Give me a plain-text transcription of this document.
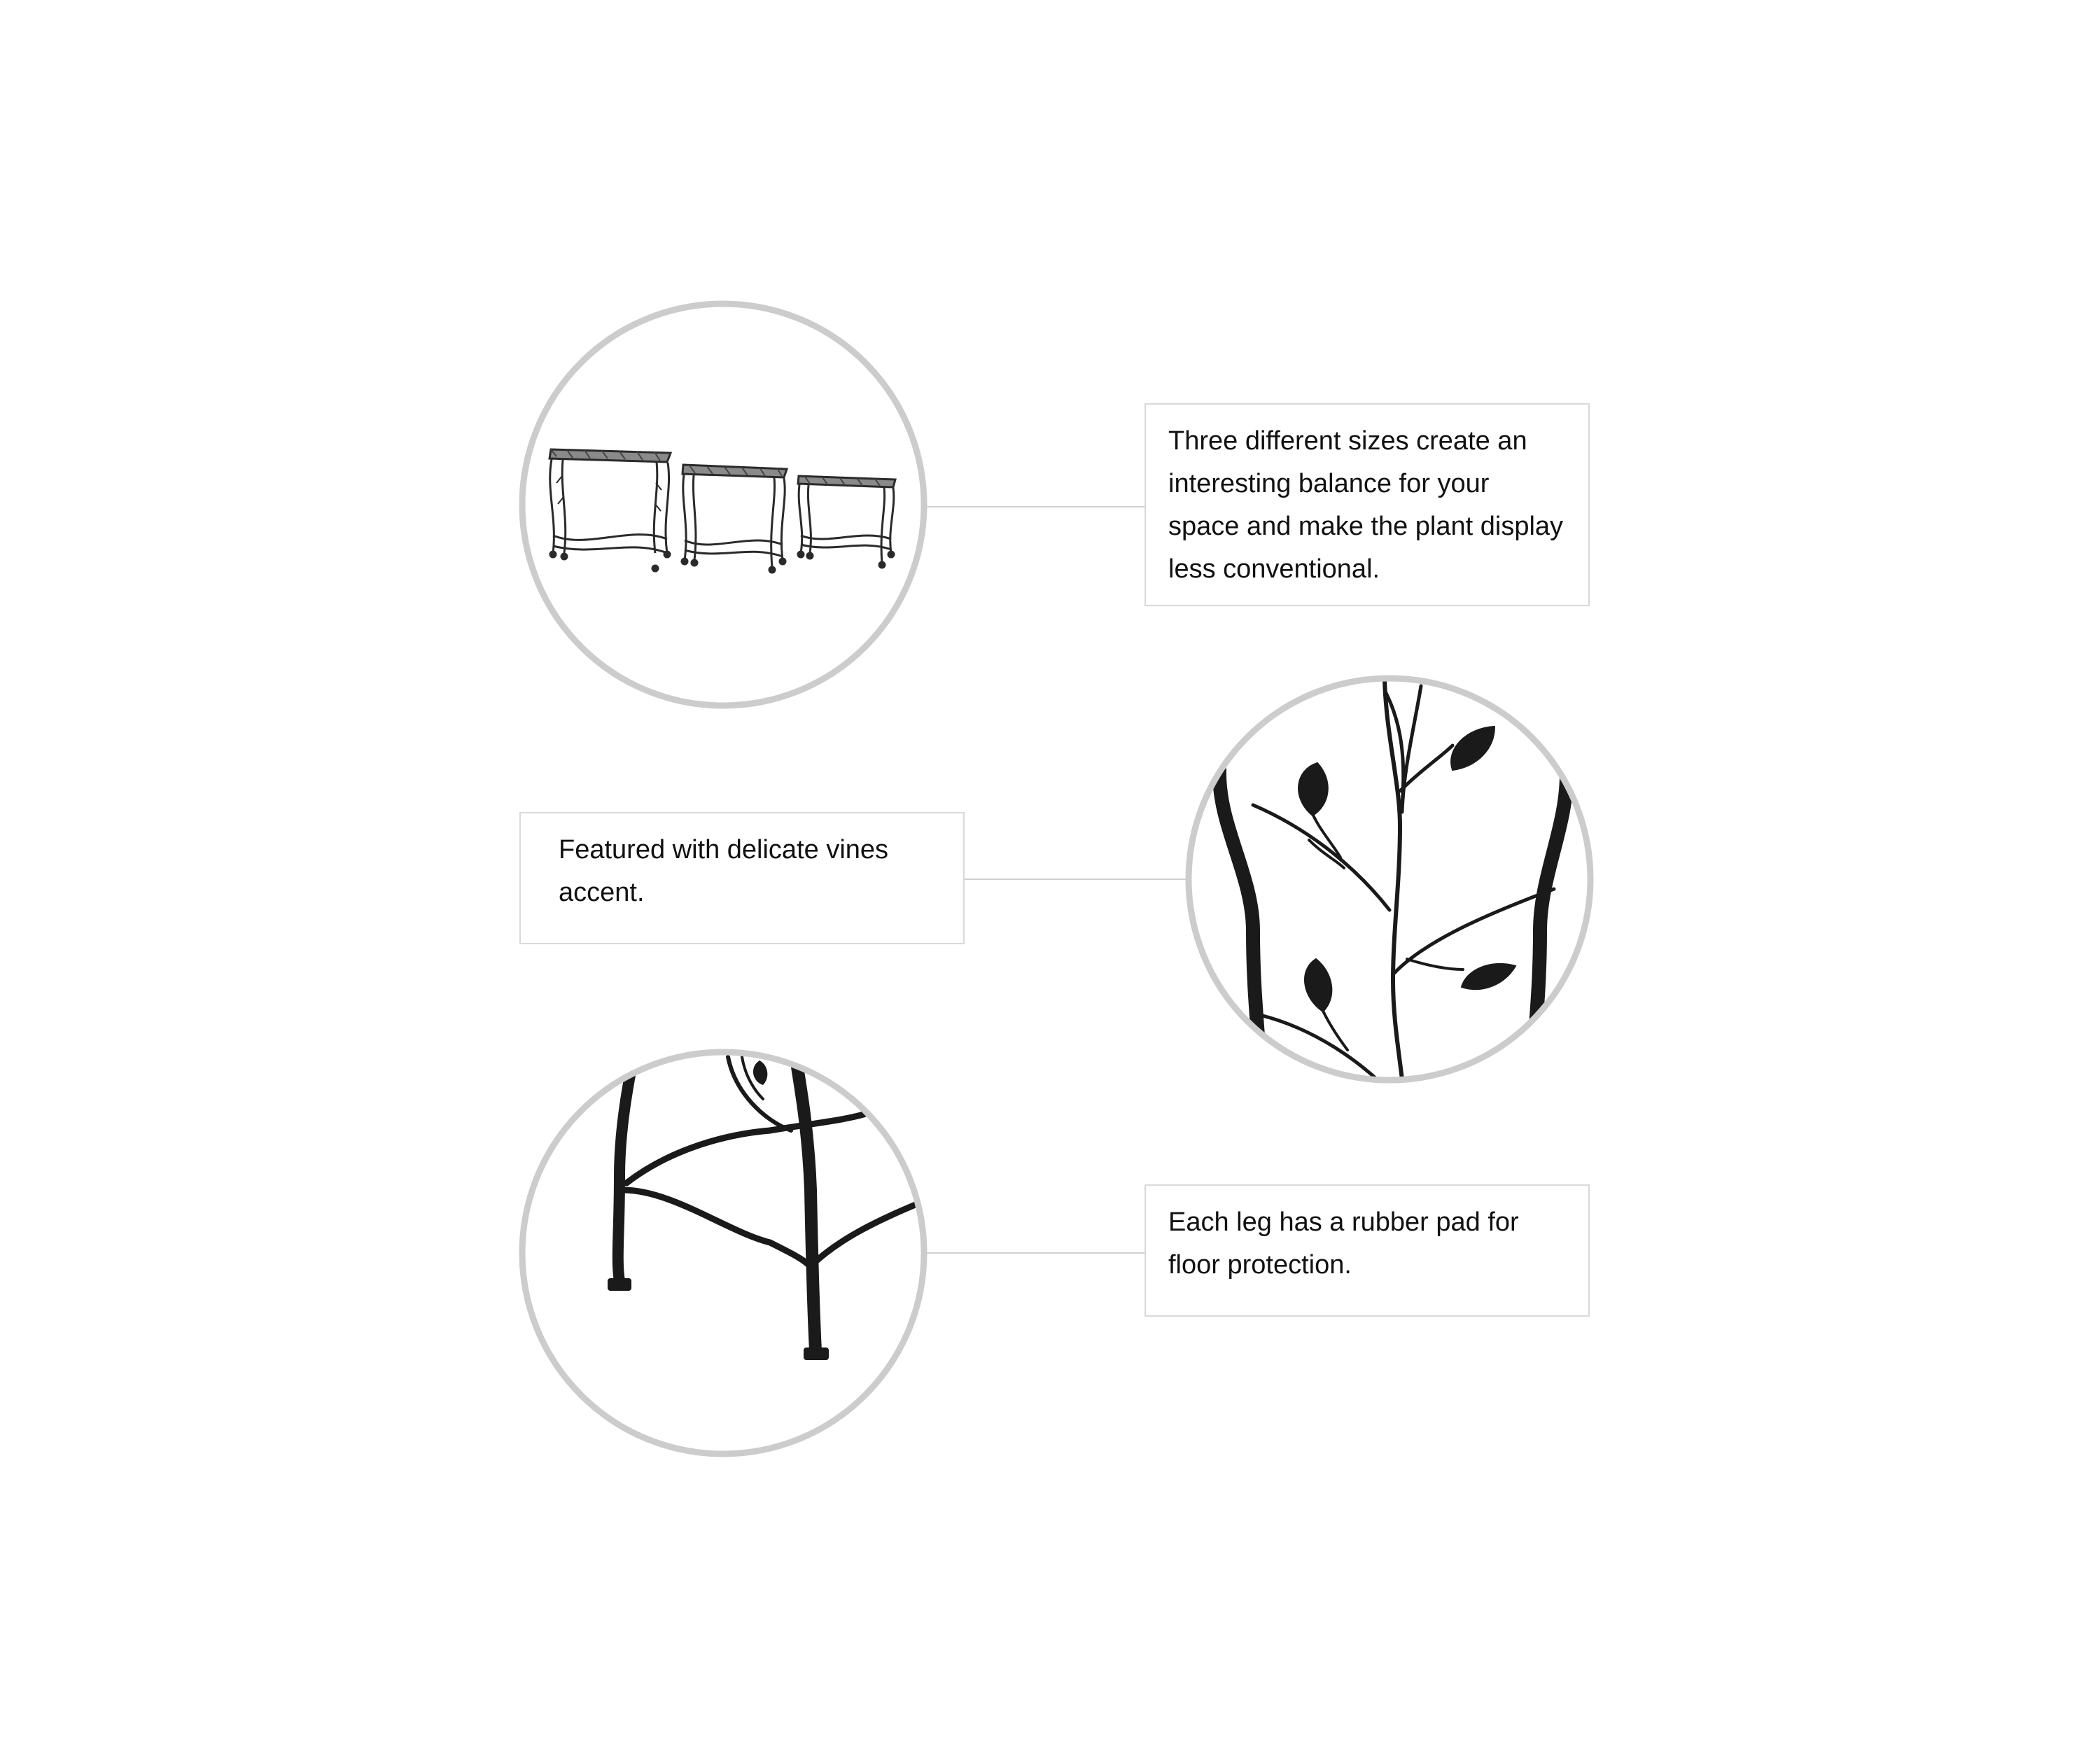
Three different sizes create an interesting balance for your space and make the plant display less conventional.
Featured with delicate vines accent.
Each leg has a rubber pad for floor protection.
